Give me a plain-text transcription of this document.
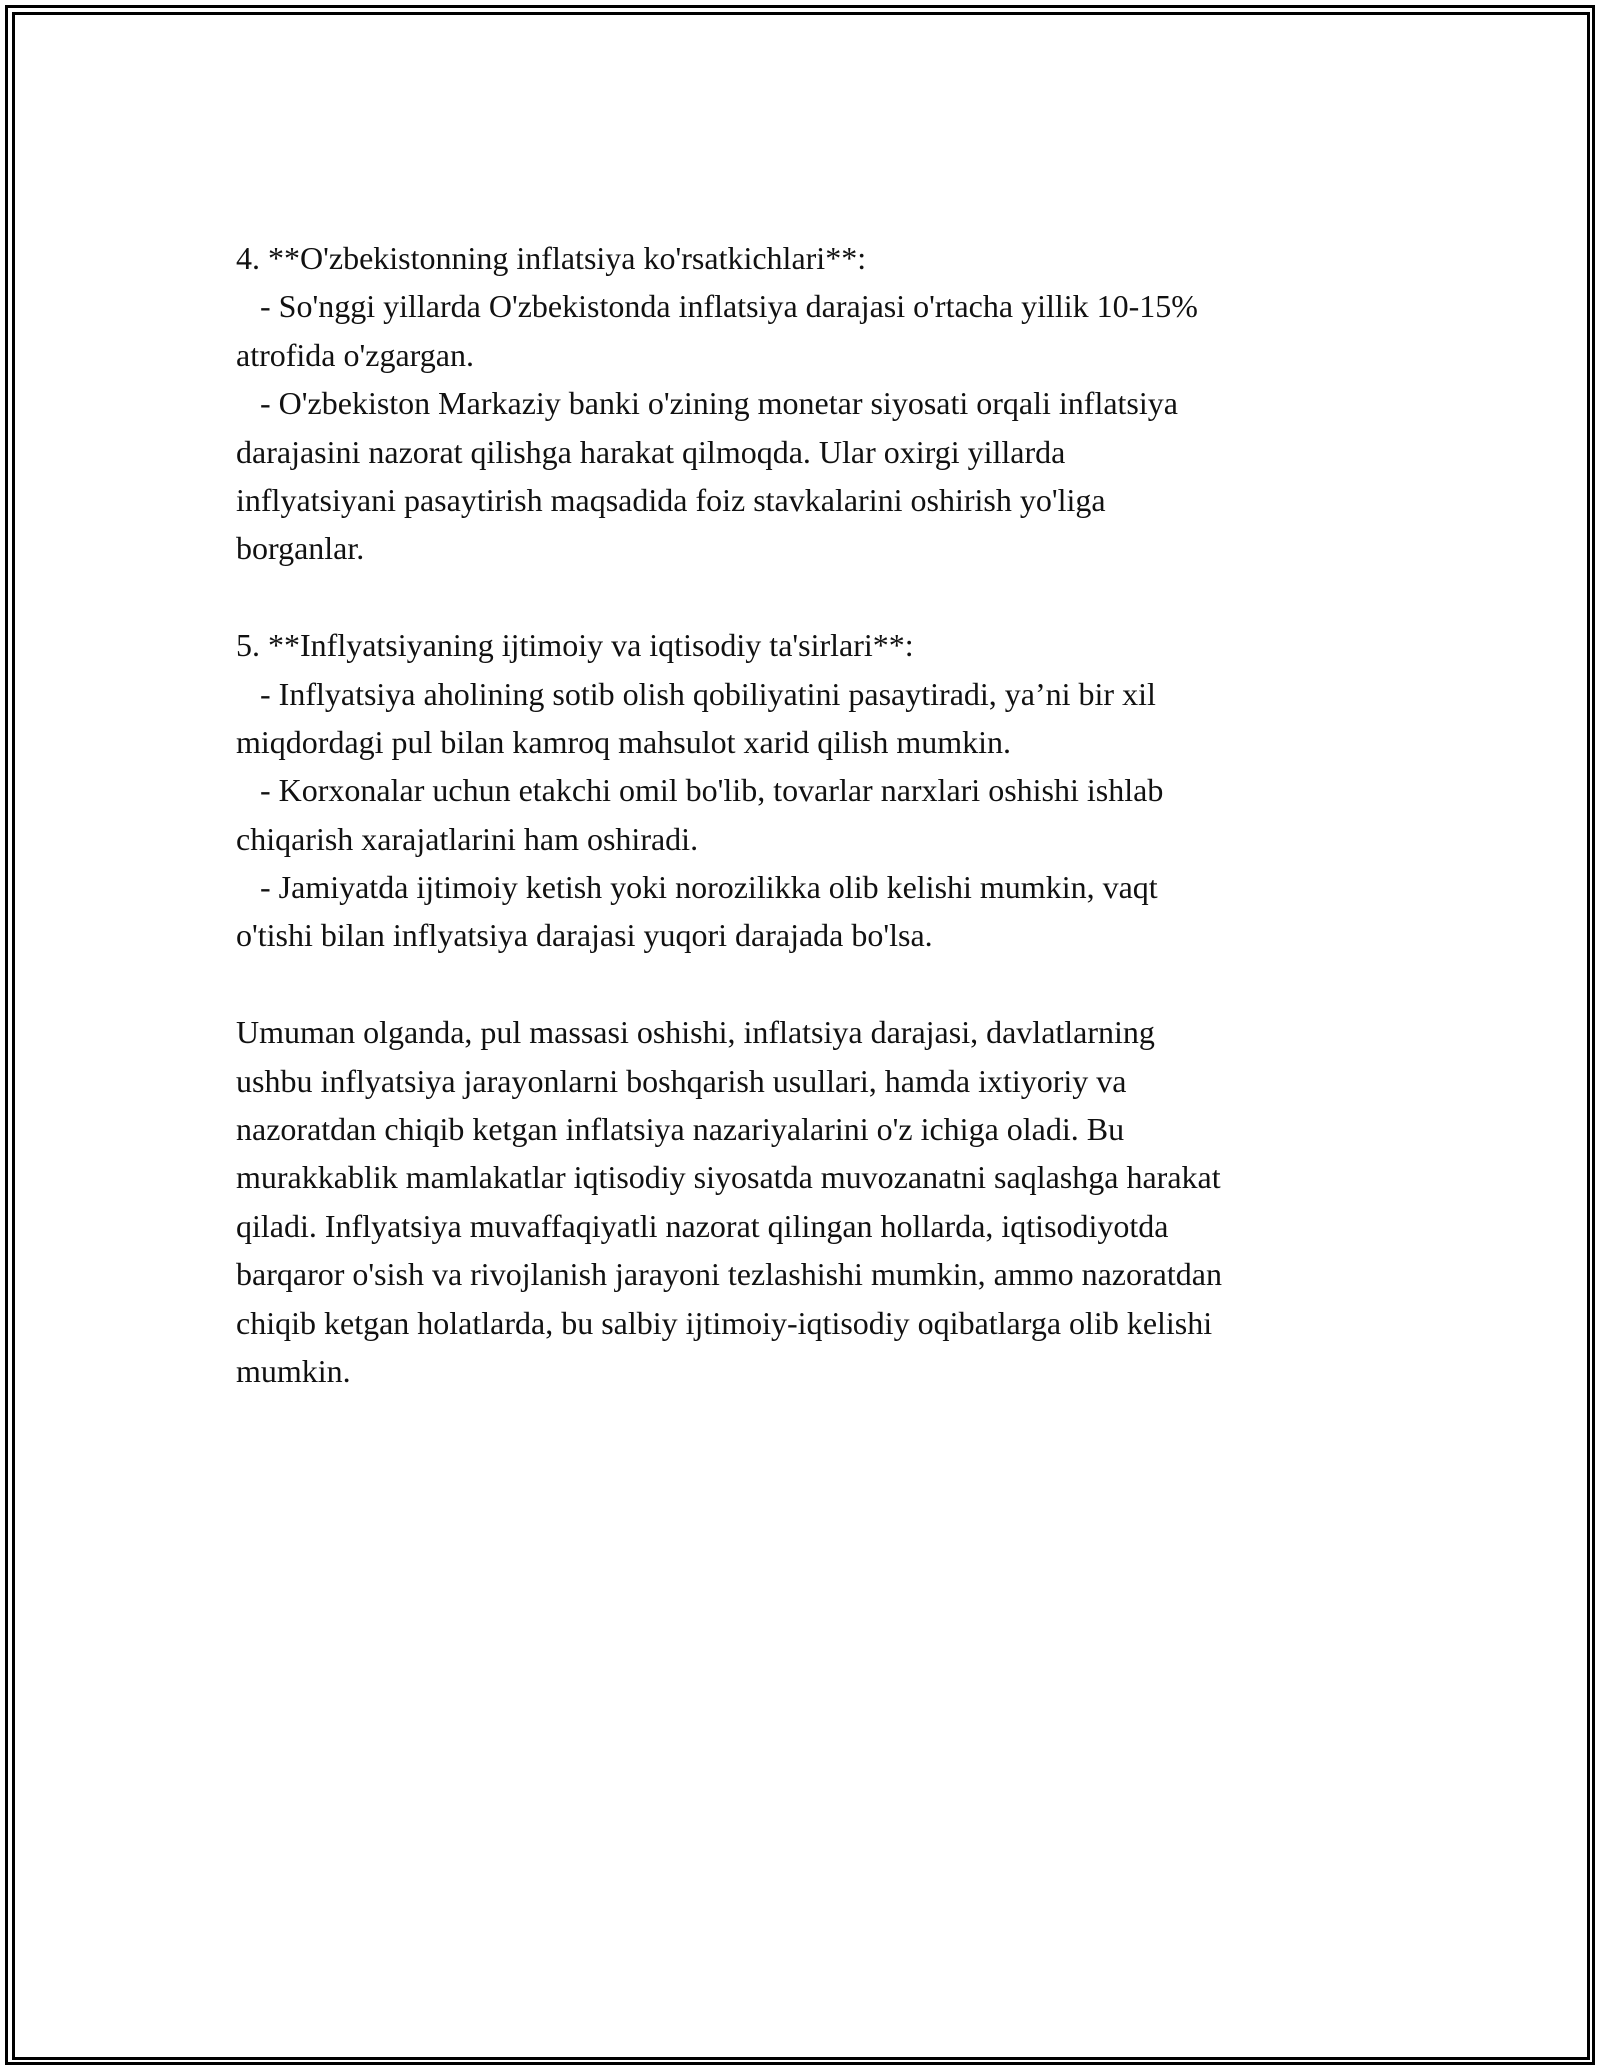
4. **O'zbekistonning inflatsiya ko'rsatkichlari**:
- So'nggi yillarda O'zbekistonda inflatsiya darajasi o'rtacha yillik 10-15%
atrofida o'zgargan.
- O'zbekiston Markaziy banki o'zining monetar siyosati orqali inflatsiya
darajasini nazorat qilishga harakat qilmoqda. Ular oxirgi yillarda
inflyatsiyani pasaytirish maqsadida foiz stavkalarini oshirish yo'liga
borganlar.
5. **Inflyatsiyaning ijtimoiy va iqtisodiy ta'sirlari**:
- Inflyatsiya aholining sotib olish qobiliyatini pasaytiradi, ya’ni bir xil
miqdordagi pul bilan kamroq mahsulot xarid qilish mumkin.
- Korxonalar uchun etakchi omil bo'lib, tovarlar narxlari oshishi ishlab
chiqarish xarajatlarini ham oshiradi.
- Jamiyatda ijtimoiy ketish yoki norozilikka olib kelishi mumkin, vaqt
o'tishi bilan inflyatsiya darajasi yuqori darajada bo'lsa.
Umuman olganda, pul massasi oshishi, inflatsiya darajasi, davlatlarning
ushbu inflyatsiya jarayonlarni boshqarish usullari, hamda ixtiyoriy va
nazoratdan chiqib ketgan inflatsiya nazariyalarini o'z ichiga oladi. Bu
murakkablik mamlakatlar iqtisodiy siyosatda muvozanatni saqlashga harakat
qiladi. Inflyatsiya muvaffaqiyatli nazorat qilingan hollarda, iqtisodiyotda
barqaror o'sish va rivojlanish jarayoni tezlashishi mumkin, ammo nazoratdan
chiqib ketgan holatlarda, bu salbiy ijtimoiy-iqtisodiy oqibatlarga olib kelishi
mumkin.
